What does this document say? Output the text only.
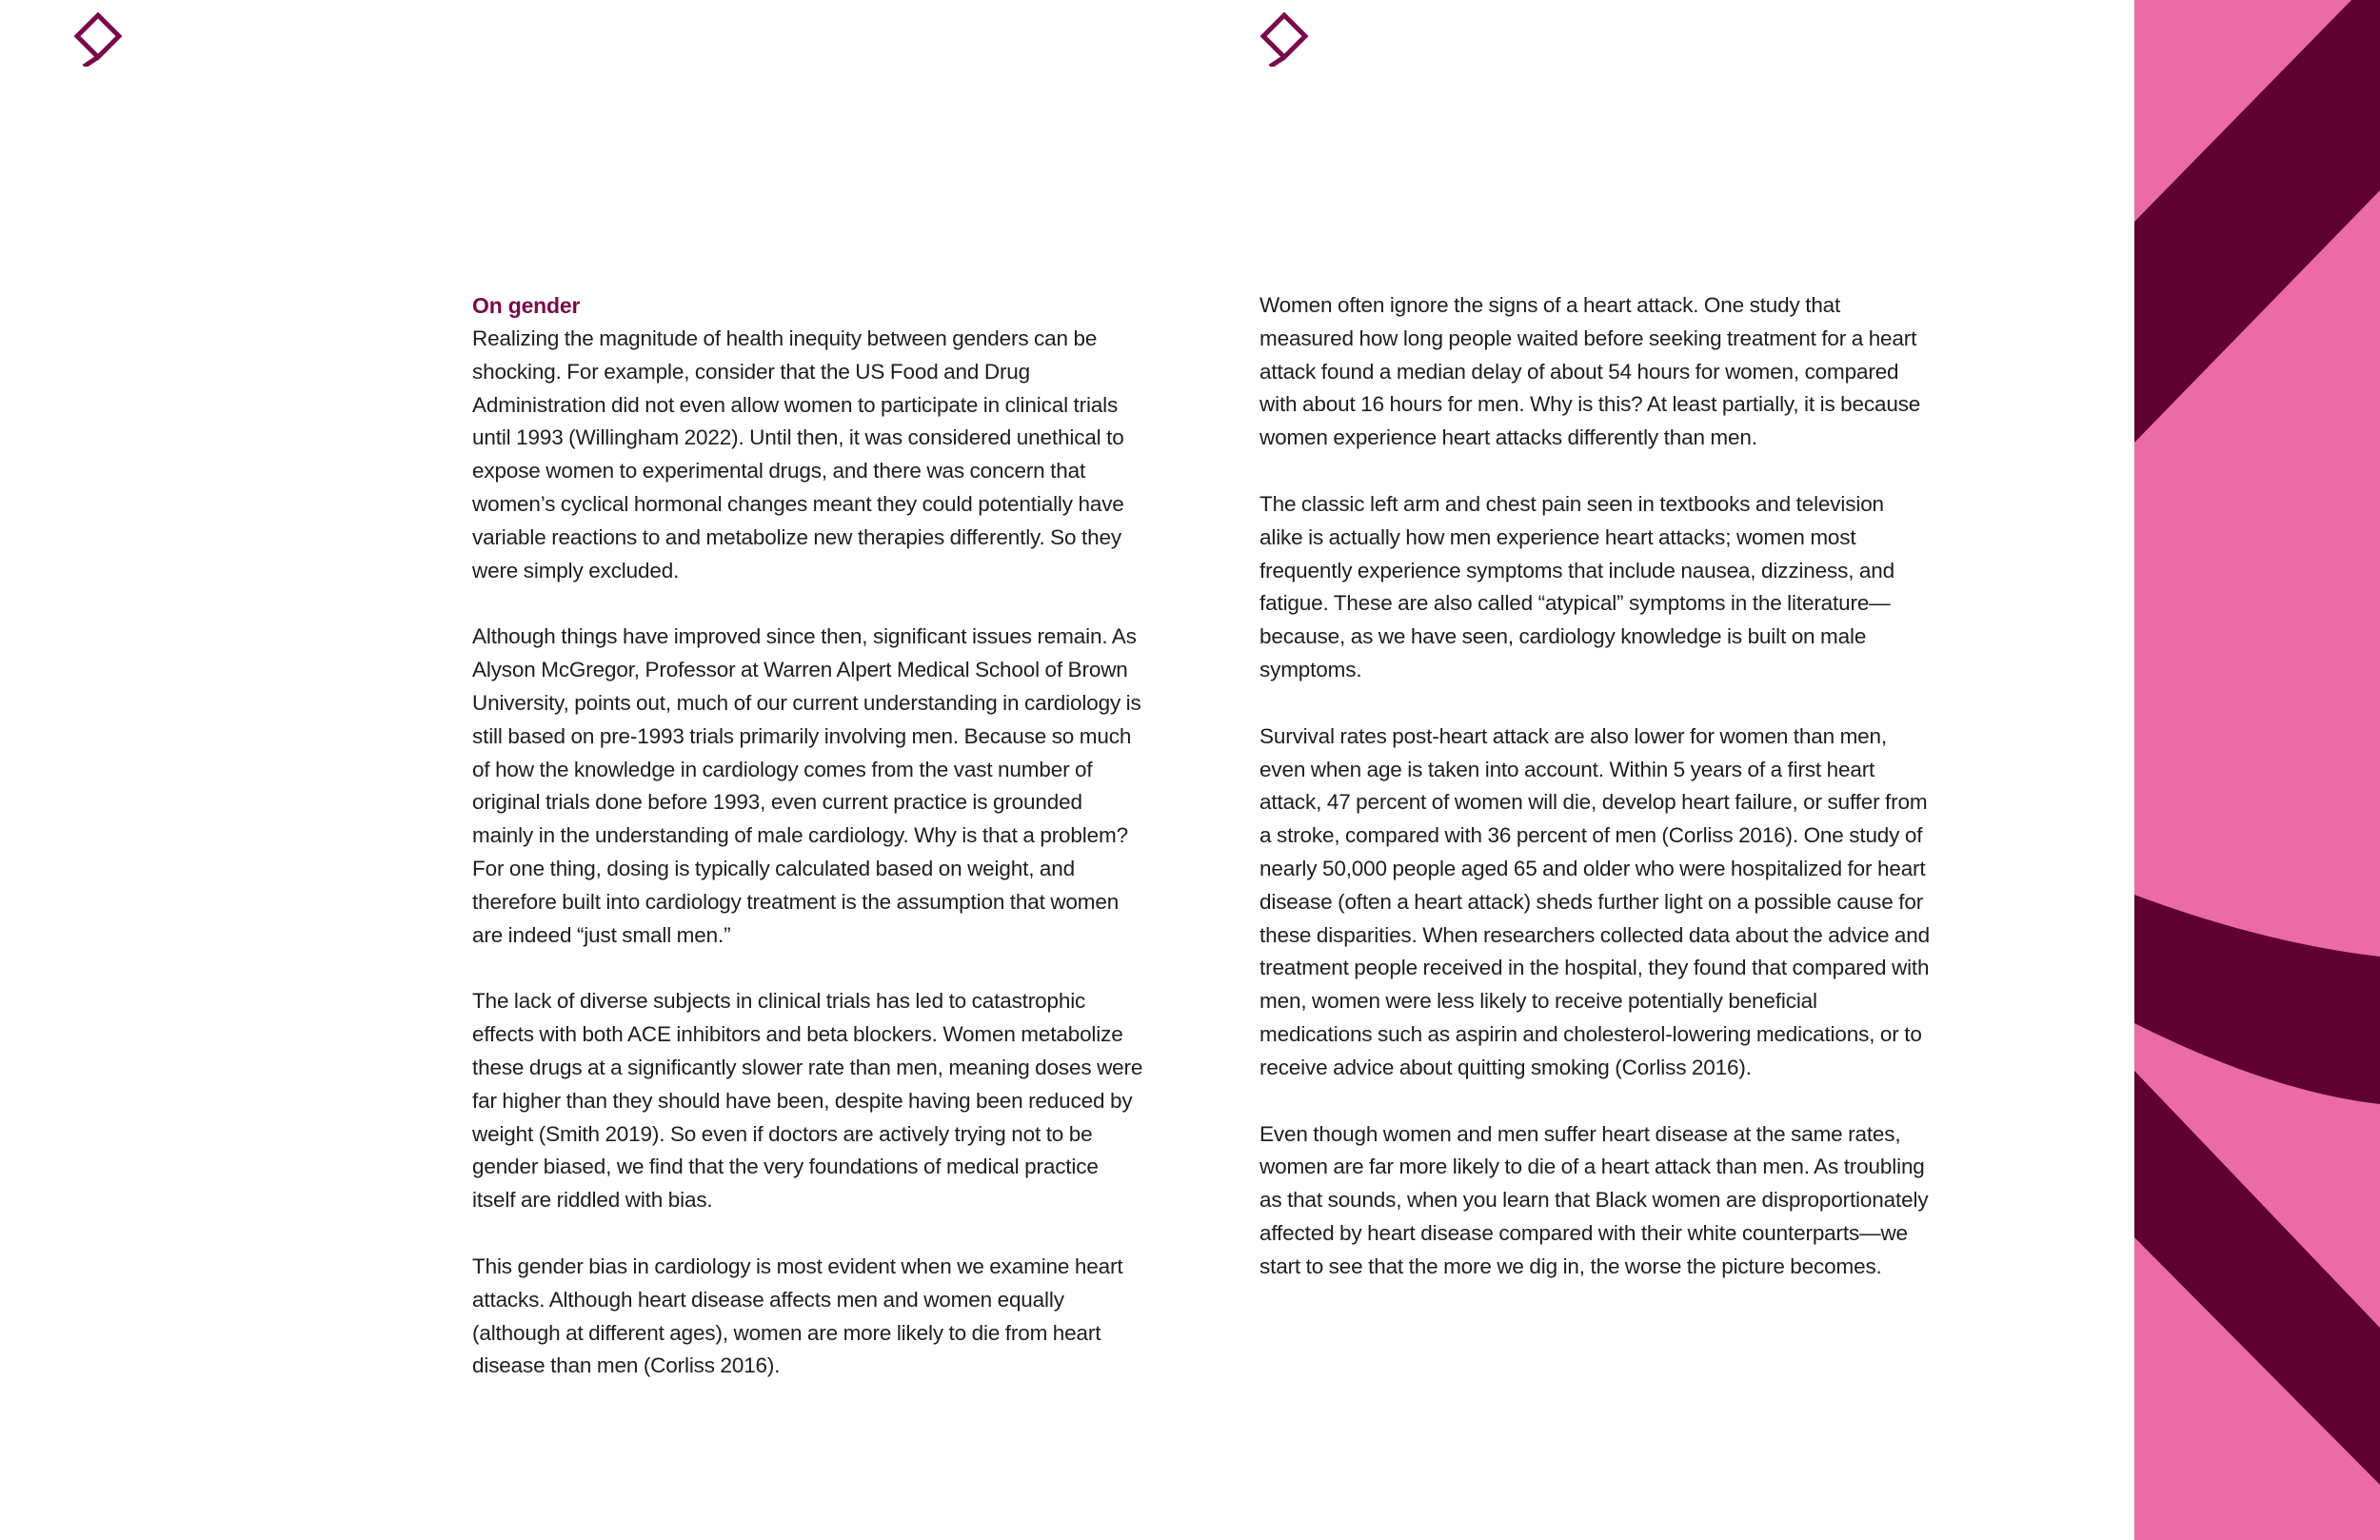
On gender

Realizing the magnitude of health inequity between genders can be shocking. For example, consider that the US Food and Drug Administration did not even allow women to participate in clinical trials until 1993 (Willingham 2022). Until then, it was considered unethical to expose women to experimental drugs, and there was concern that women’s cyclical hormonal changes meant they could potentially have variable reactions to and metabolize new therapies differently. So they were simply excluded.

Although things have improved since then, significant issues remain. As Alyson McGregor, Professor at Warren Alpert Medical School of Brown University, points out, much of our current understanding in cardiology is still based on pre-1993 trials primarily involving men. Because so much of how the knowledge in cardiology comes from the vast number of original trials done before 1993, even current practice is grounded mainly in the understanding of male cardiology. Why is that a problem? For one thing, dosing is typically calculated based on weight, and therefore built into cardiology treatment is the assumption that women are indeed “just small men.”

The lack of diverse subjects in clinical trials has led to catastrophic effects with both ACE inhibitors and beta blockers. Women metabolize these drugs at a significantly slower rate than men, meaning doses were far higher than they should have been, despite having been reduced by weight (Smith 2019). So even if doctors are actively trying not to be gender biased, we find that the very foundations of medical practice itself are riddled with bias.

This gender bias in cardiology is most evident when we examine heart attacks. Although heart disease affects men and women equally (although at different ages), women are more likely to die from heart disease than men (Corliss 2016).

Women often ignore the signs of a heart attack. One study that measured how long people waited before seeking treatment for a heart attack found a median delay of about 54 hours for women, compared with about 16 hours for men. Why is this? At least partially, it is because women experience heart attacks differently than men.

The classic left arm and chest pain seen in textbooks and television alike is actually how men experience heart attacks; women most frequently experience symptoms that include nausea, dizziness, and fatigue. These are also called “atypical” symptoms in the literature—because, as we have seen, cardiology knowledge is built on male symptoms.

Survival rates post-heart attack are also lower for women than men, even when age is taken into account. Within 5 years of a first heart attack, 47 percent of women will die, develop heart failure, or suffer from a stroke, compared with 36 percent of men (Corliss 2016). One study of nearly 50,000 people aged 65 and older who were hospitalized for heart disease (often a heart attack) sheds further light on a possible cause for these disparities. When researchers collected data about the advice and treatment people received in the hospital, they found that compared with men, women were less likely to receive potentially beneficial medications such as aspirin and cholesterol-lowering medications, or to receive advice about quitting smoking (Corliss 2016).

Even though women and men suffer heart disease at the same rates, women are far more likely to die of a heart attack than men. As troubling as that sounds, when you learn that Black women are disproportionately affected by heart disease compared with their white counterparts—we start to see that the more we dig in, the worse the picture becomes.
